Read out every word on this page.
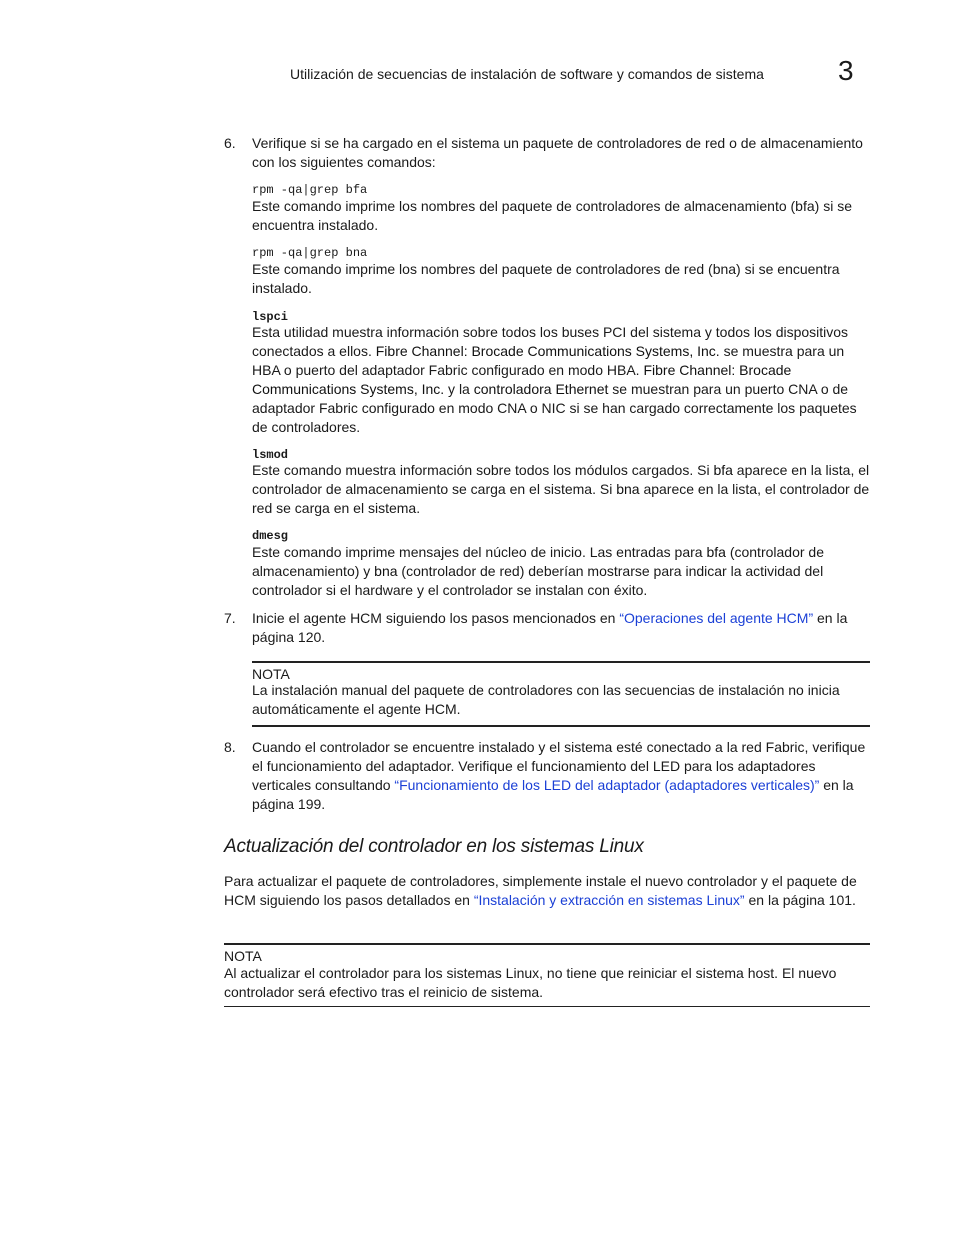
Utilización de secuencias de instalación de software y comandos de sistema	3
6. Verifique si se ha cargado en el sistema un paquete de controladores de red o de almacenamiento con los siguientes comandos:
rpm -qa|grep bfa
Este comando imprime los nombres del paquete de controladores de almacenamiento (bfa) si se encuentra instalado.
rpm -qa|grep bna
Este comando imprime los nombres del paquete de controladores de red (bna) si se encuentra instalado.
lspci
Esta utilidad muestra información sobre todos los buses PCI del sistema y todos los dispositivos conectados a ellos. Fibre Channel: Brocade Communications Systems, Inc. se muestra para un HBA o puerto del adaptador Fabric configurado en modo HBA. Fibre Channel: Brocade Communications Systems, Inc. y la controladora Ethernet se muestran para un puerto CNA o de adaptador Fabric configurado en modo CNA o NIC si se han cargado correctamente los paquetes de controladores.
lsmod
Este comando muestra información sobre todos los módulos cargados. Si bfa aparece en la lista, el controlador de almacenamiento se carga en el sistema. Si bna aparece en la lista, el controlador de red se carga en el sistema.
dmesg
Este comando imprime mensajes del núcleo de inicio. Las entradas para bfa (controlador de almacenamiento) y bna (controlador de red) deberían mostrarse para indicar la actividad del controlador si el hardware y el controlador se instalan con éxito.
7. Inicie el agente HCM siguiendo los pasos mencionados en “Operaciones del agente HCM” en la página 120.
NOTA
La instalación manual del paquete de controladores con las secuencias de instalación no inicia automáticamente el agente HCM.
8. Cuando el controlador se encuentre instalado y el sistema esté conectado a la red Fabric, verifique el funcionamiento del adaptador. Verifique el funcionamiento del LED para los adaptadores verticales consultando “Funcionamiento de los LED del adaptador (adaptadores verticales)” en la página 199.
Actualización del controlador en los sistemas Linux
Para actualizar el paquete de controladores, simplemente instale el nuevo controlador y el paquete de HCM siguiendo los pasos detallados en “Instalación y extracción en sistemas Linux” en la página 101.
NOTA
Al actualizar el controlador para los sistemas Linux, no tiene que reiniciar el sistema host. El nuevo controlador será efectivo tras el reinicio de sistema.
